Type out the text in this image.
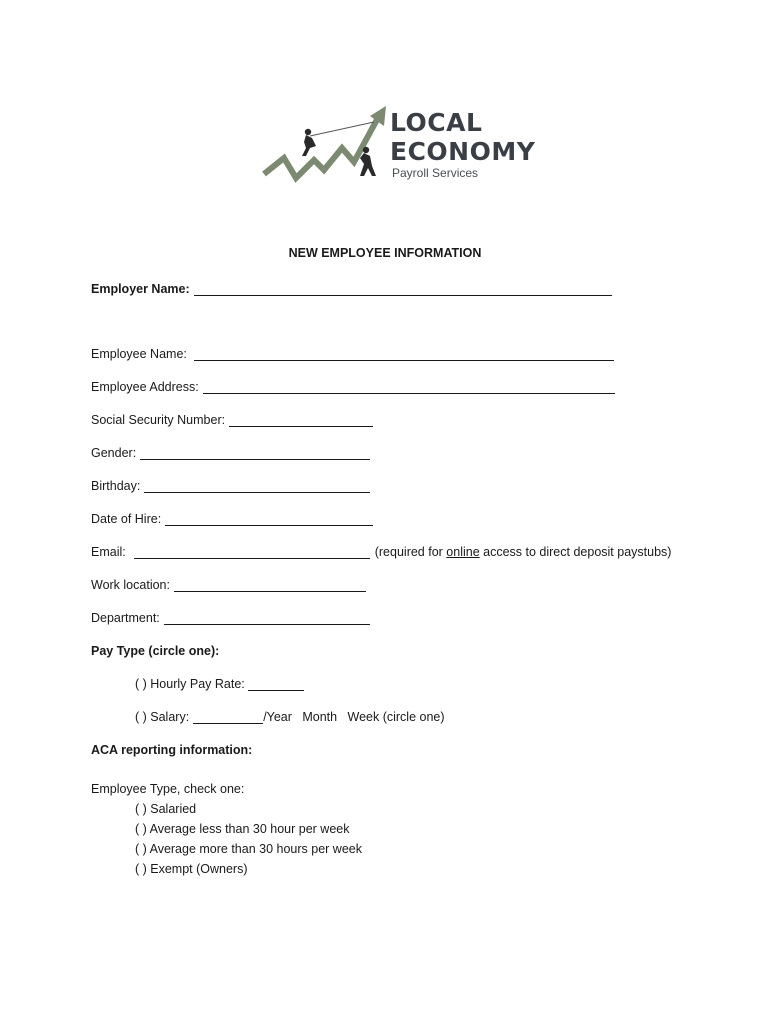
LOCAL
ECONOMY
Payroll Services
NEW EMPLOYEE INFORMATION
Employer Name:
Employee Name:
Employee Address:
Social Security Number:
Gender:
Birthday:
Date of Hire:
Email:	(required for online access to direct deposit paystubs)
Work location:
Department:
Pay Type (circle one):
( ) Hourly Pay Rate:
( ) Salary:	/Year   Month   Week (circle one)
ACA reporting information:
Employee Type, check one:
( ) Salaried
( ) Average less than 30 hour per week
( ) Average more than 30 hours per week
( ) Exempt (Owners)
